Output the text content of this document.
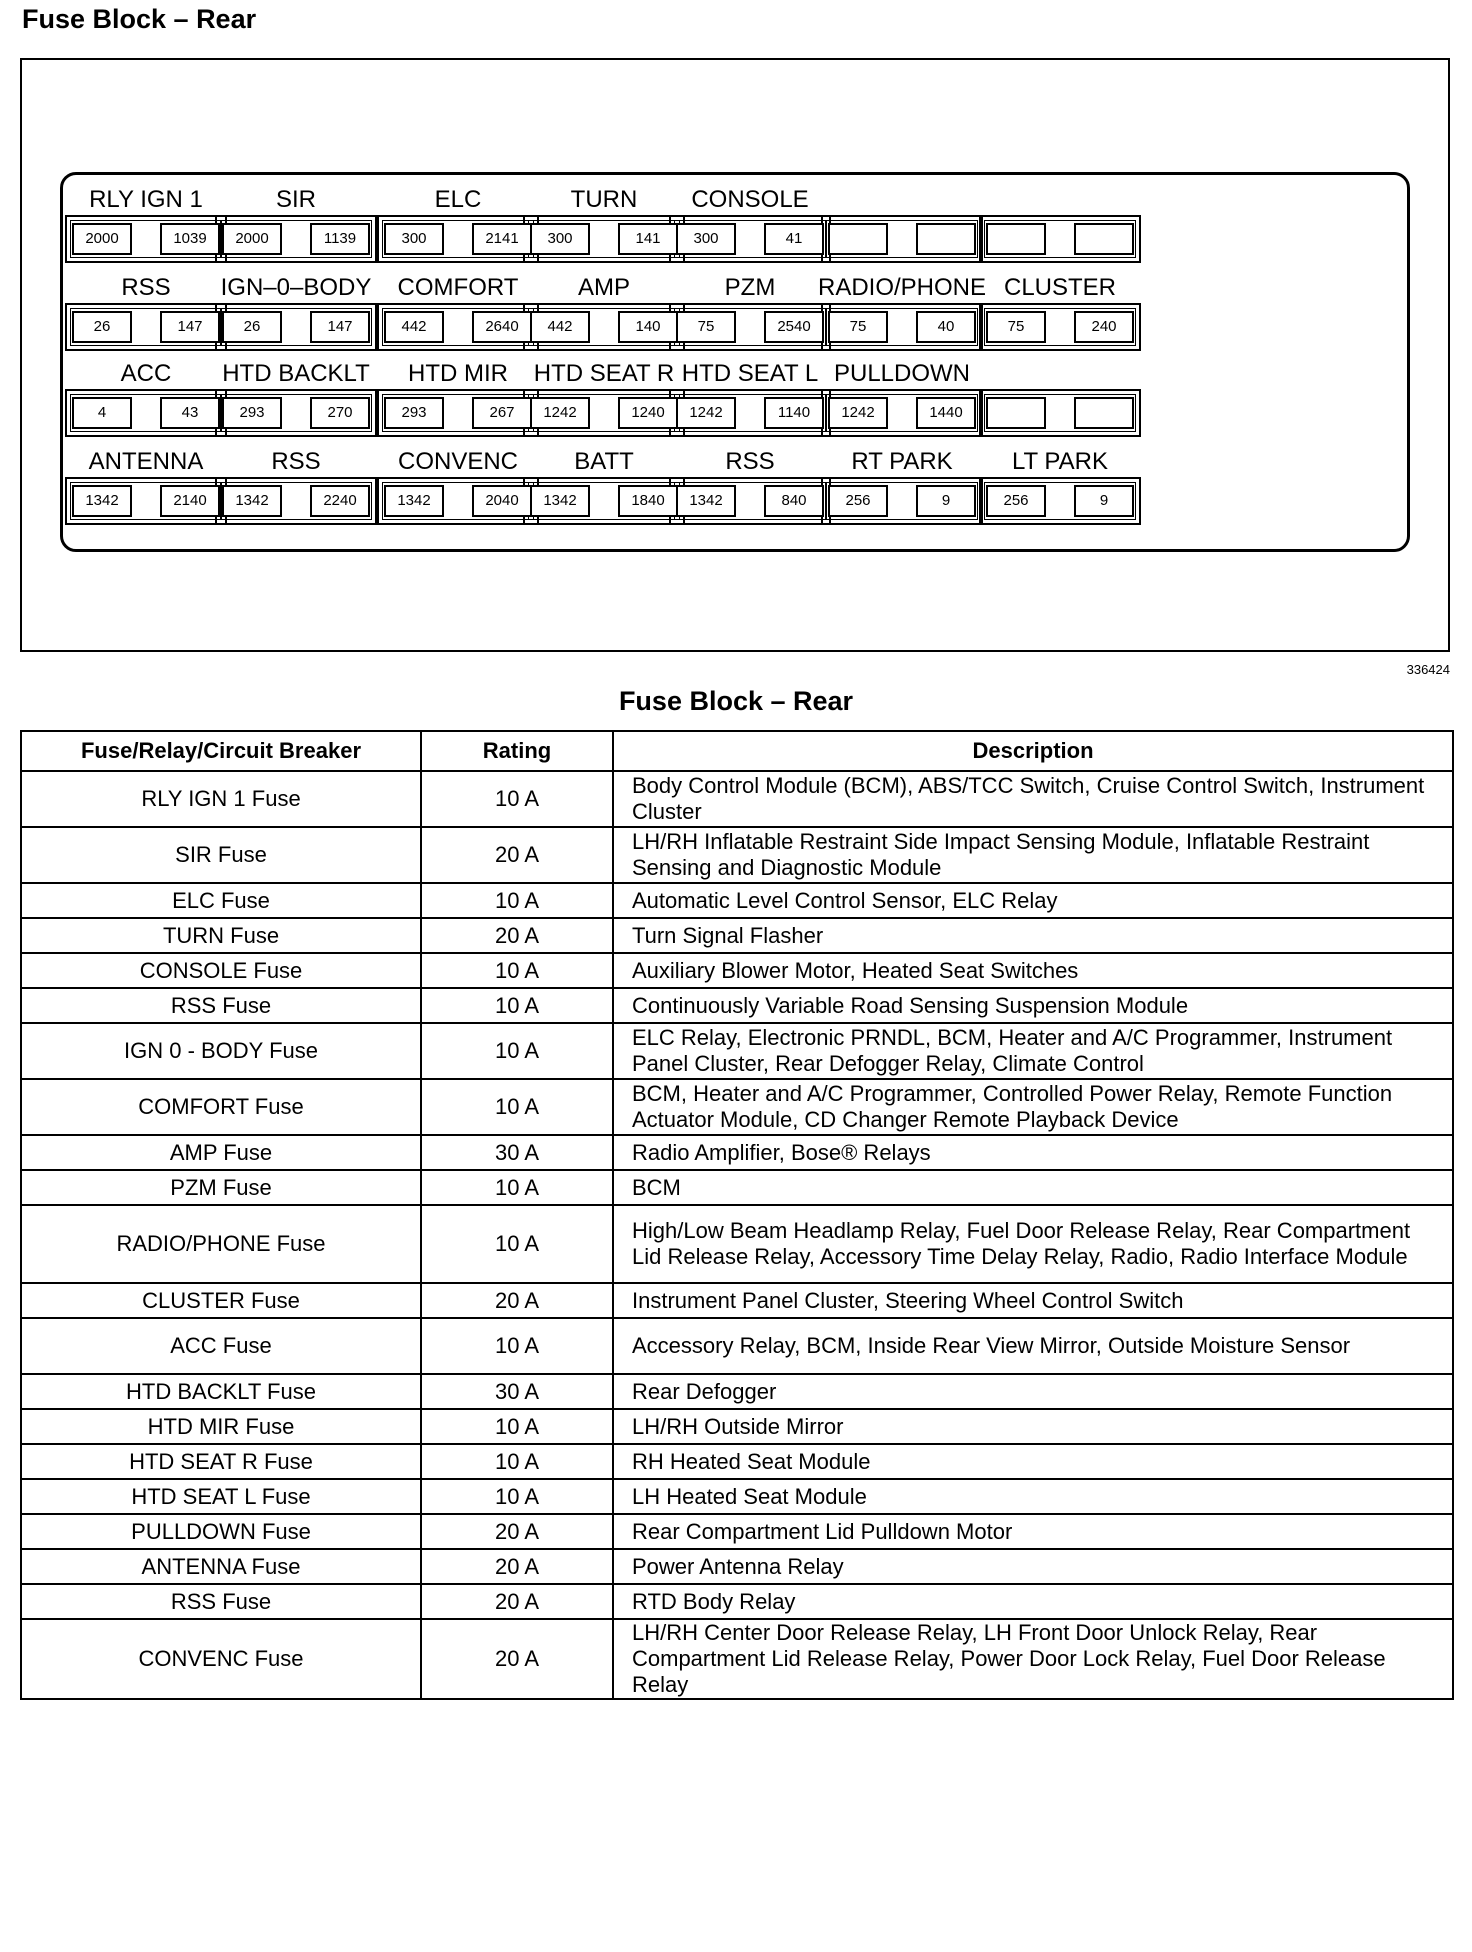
Fuse Block – Rear
RLY IGN 1
2000	1039
SIR
2000	1139
ELC
300	2141
TURN
300	141
CONSOLE
300	41
RSS
26	147
IGN–0–BODY
26	147
COMFORT
442	2640
AMP
442	140
PZM
75	2540
RADIO/PHONE
75	40
CLUSTER
75	240
ACC
4	43
HTD BACKLT
293	270
HTD MIR
293	267
HTD SEAT R
1242	1240
HTD SEAT L
1242	1140
PULLDOWN
1242	1440
ANTENNA
1342	2140
RSS
1342	2240
CONVENC
1342	2040
BATT
1342	1840
RSS
1342	840
RT PARK
256	9
LT PARK
256	9
336424
Fuse Block – Rear
Fuse/Relay/Circuit Breaker	Rating	Description
RLY IGN 1 Fuse	10 A	Body Control Module (BCM), ABS/TCC Switch, Cruise Control Switch, Instrument Cluster
SIR Fuse	20 A	LH/RH Inflatable Restraint Side Impact Sensing Module, Inflatable Restraint Sensing and Diagnostic Module
ELC Fuse	10 A	Automatic Level Control Sensor, ELC Relay
TURN Fuse	20 A	Turn Signal Flasher
CONSOLE Fuse	10 A	Auxiliary Blower Motor, Heated Seat Switches
RSS Fuse	10 A	Continuously Variable Road Sensing Suspension Module
IGN 0 - BODY Fuse	10 A	ELC Relay, Electronic PRNDL, BCM, Heater and A/C Programmer, Instrument Panel Cluster, Rear Defogger Relay, Climate Control
COMFORT Fuse	10 A	BCM, Heater and A/C Programmer, Controlled Power Relay, Remote Function Actuator Module, CD Changer Remote Playback Device
AMP Fuse	30 A	Radio Amplifier, Bose® Relays
PZM Fuse	10 A	BCM
RADIO/PHONE Fuse	10 A	High/Low Beam Headlamp Relay, Fuel Door Release Relay, Rear Compartment Lid Release Relay, Accessory Time Delay Relay, Radio, Radio Interface Module
CLUSTER Fuse	20 A	Instrument Panel Cluster, Steering Wheel Control Switch
ACC Fuse	10 A	Accessory Relay, BCM, Inside Rear View Mirror, Outside Moisture Sensor
HTD BACKLT Fuse	30 A	Rear Defogger
HTD MIR Fuse	10 A	LH/RH Outside Mirror
HTD SEAT R Fuse	10 A	RH Heated Seat Module
HTD SEAT L Fuse	10 A	LH Heated Seat Module
PULLDOWN Fuse	20 A	Rear Compartment Lid Pulldown Motor
ANTENNA Fuse	20 A	Power Antenna Relay
RSS Fuse	20 A	RTD Body Relay
CONVENC Fuse	20 A	LH/RH Center Door Release Relay, LH Front Door Unlock Relay, Rear Compartment Lid Release Relay, Power Door Lock Relay, Fuel Door Release Relay
